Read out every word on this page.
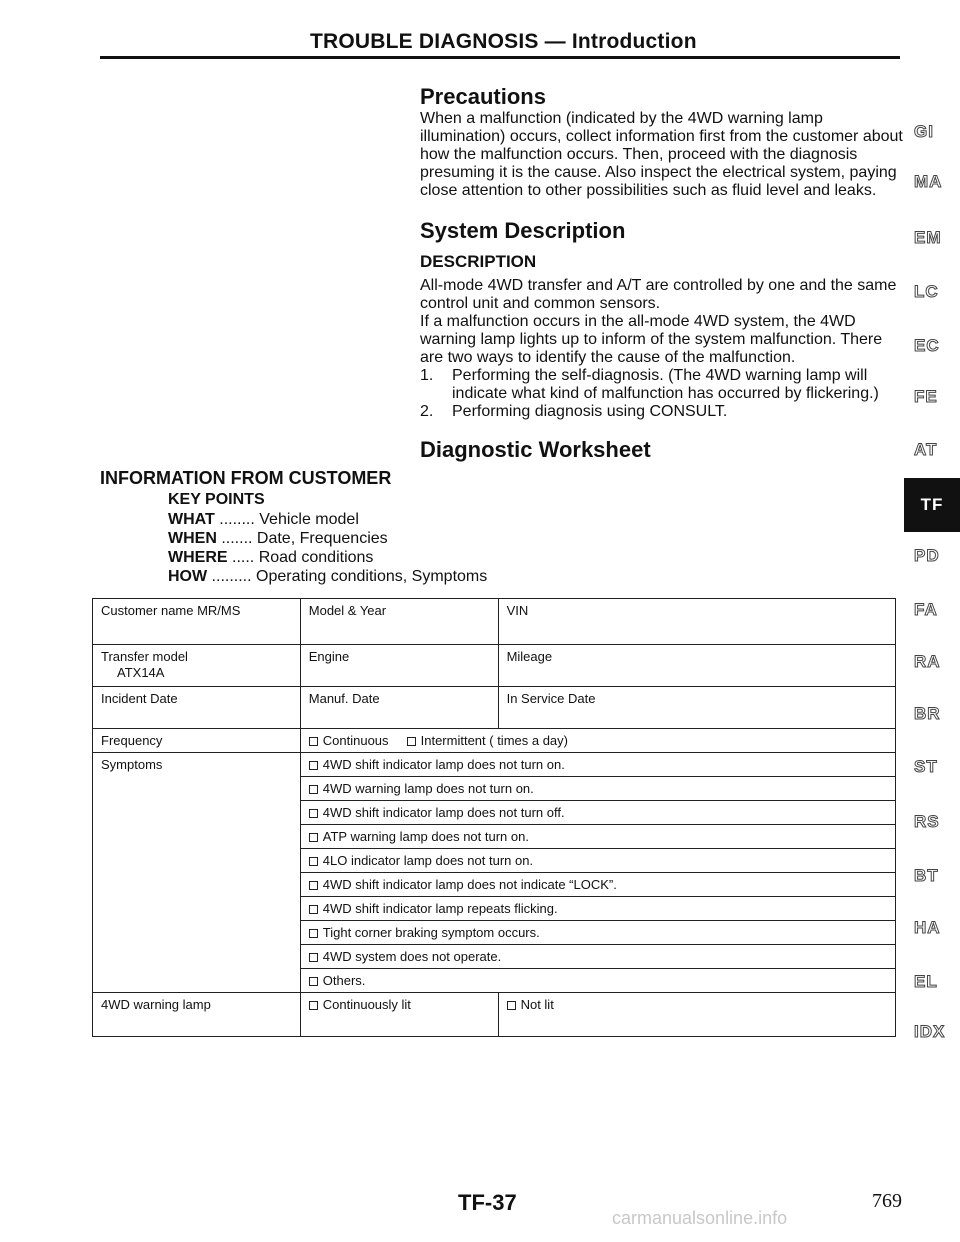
TROUBLE DIAGNOSIS — Introduction
Precautions
When a malfunction (indicated by the 4WD warning lamp illumination) occurs, collect information first from the customer about how the malfunction occurs. Then, proceed with the diagnosis presuming it is the cause. Also inspect the electrical system, paying close attention to other possibilities such as fluid level and leaks.
System Description
DESCRIPTION
All-mode 4WD transfer and A/T are controlled by one and the same control unit and common sensors.
If a malfunction occurs in the all-mode 4WD system, the 4WD warning lamp lights up to inform of the system malfunction. There are two ways to identify the cause of the malfunction.
1.	Performing the self-diagnosis. (The 4WD warning lamp will indicate what kind of malfunction has occurred by flickering.)
2.	Performing diagnosis using CONSULT.
Diagnostic Worksheet
INFORMATION FROM CUSTOMER
KEY POINTS
WHAT ........ Vehicle model
WHEN ....... Date, Frequencies
WHERE ..... Road conditions
HOW ......... Operating conditions, Symptoms
Customer name MR/MS	Model & Year	VIN
Transfer model
ATX14A	Engine	Mileage
Incident Date	Manuf. Date	In Service Date
Frequency	Continuous Intermittent ( times a day)	
Symptoms	4WD shift indicator lamp does not turn on.	
	4WD warning lamp does not turn on.	
	4WD shift indicator lamp does not turn off.	
	ATP warning lamp does not turn on.	
	4LO indicator lamp does not turn on.	
	4WD shift indicator lamp does not indicate “LOCK”.	
	4WD shift indicator lamp repeats flicking.	
	Tight corner braking symptom occurs.	
	4WD system does not operate.	
	Others.	
4WD warning lamp	Continuously lit	Not lit
GI
MA
EM
LC
EC
FE
AT
TF
PD
FA
RA
BR
ST
RS
BT
HA
EL
IDX
TF-37	769
carmanualsonline.info
